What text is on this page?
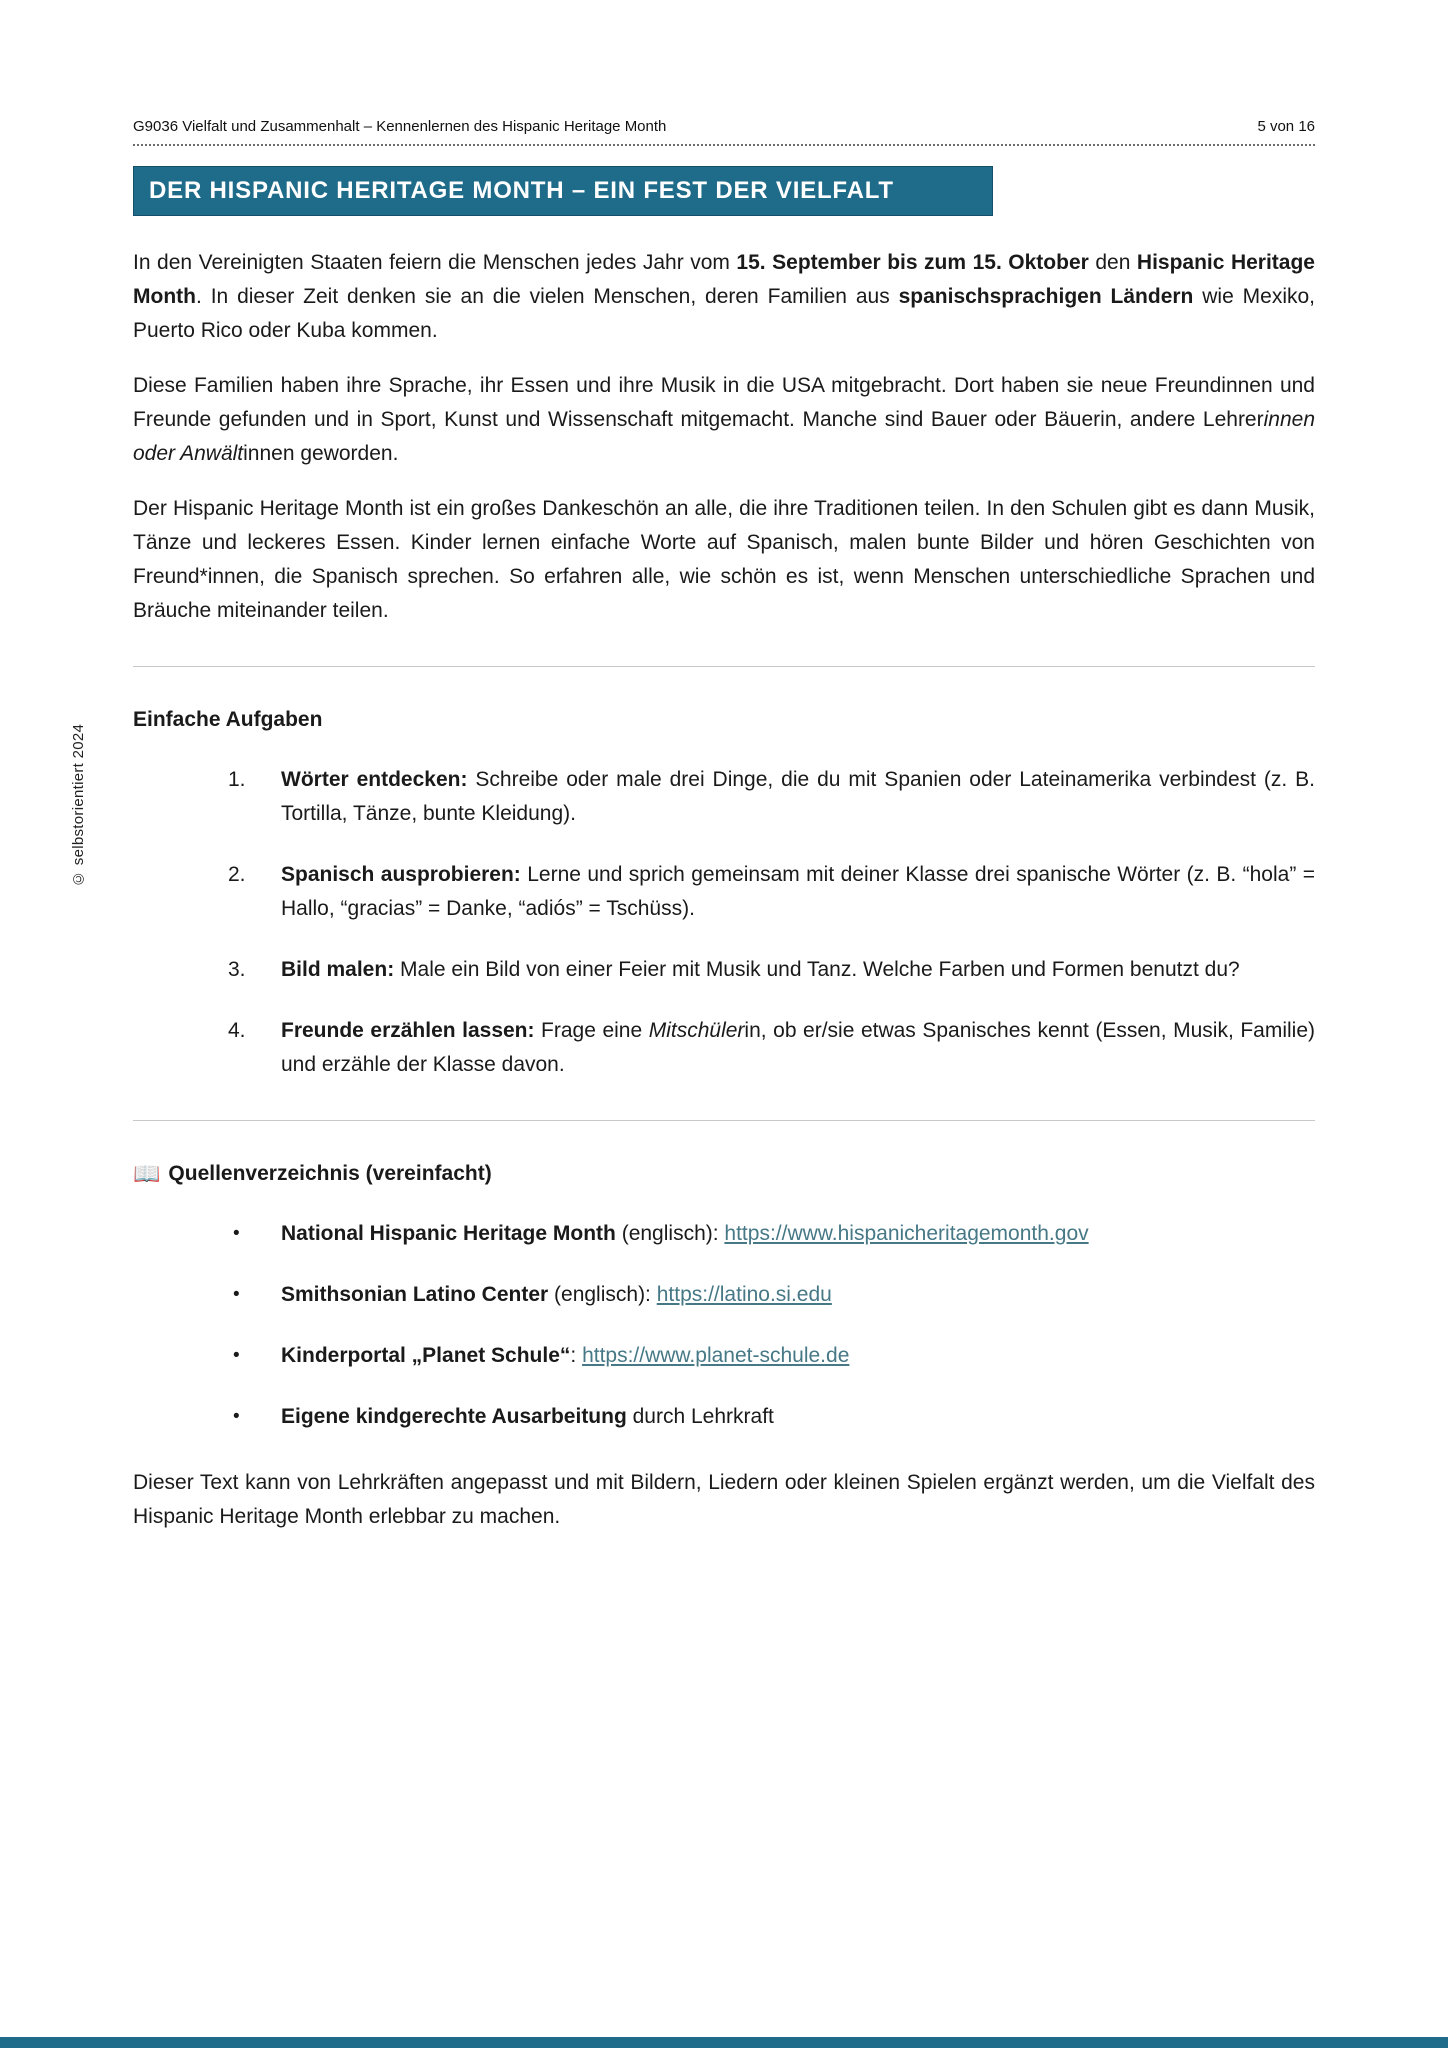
© selbstorientiert 2024
G9036 Vielfalt und Zusammenhalt – Kennenlernen des Hispanic Heritage Month	5 von 16
DER HISPANIC HERITAGE MONTH – EIN FEST DER VIELFALT

In den Vereinigten Staaten feiern die Menschen jedes Jahr vom 15. September bis zum 15. Oktober den Hispanic Heritage Month. In dieser Zeit denken sie an die vielen Menschen, deren Familien aus spanischsprachigen Ländern wie Mexiko, Puerto Rico oder Kuba kommen.

Diese Familien haben ihre Sprache, ihr Essen und ihre Musik in die USA mitgebracht. Dort haben sie neue Freundinnen und Freunde gefunden und in Sport, Kunst und Wissenschaft mitgemacht. Manche sind Bauer oder Bäuerin, andere Lehrerinnen oder Anwältinnen geworden.

Der Hispanic Heritage Month ist ein großes Dankeschön an alle, die ihre Traditionen teilen. In den Schulen gibt es dann Musik, Tänze und leckeres Essen. Kinder lernen einfache Worte auf Spanisch, malen bunte Bilder und hören Geschichten von Freund*innen, die Spanisch sprechen. So erfahren alle, wie schön es ist, wenn Menschen unterschiedliche Sprachen und Bräuche miteinander teilen.

Einfache Aufgaben
1.	Wörter entdecken: Schreibe oder male drei Dinge, die du mit Spanien oder Lateinamerika verbindest (z. B. Tortilla, Tänze, bunte Kleidung).
2.	Spanisch ausprobieren: Lerne und sprich gemeinsam mit deiner Klasse drei spanische Wörter (z. B. “hola” = Hallo, “gracias” = Danke, “adiós” = Tschüss).
3.	Bild malen: Male ein Bild von einer Feier mit Musik und Tanz. Welche Farben und Formen benutzt du?
4.	Freunde erzählen lassen: Frage eine Mitschülerin, ob er/sie etwas Spanisches kennt (Essen, Musik, Familie) und erzähle der Klasse davon.
📖 Quellenverzeichnis (vereinfacht)
•	National Hispanic Heritage Month (englisch): https://www.hispanicheritagemonth.gov
•	Smithsonian Latino Center (englisch): https://latino.si.edu
•	Kinderportal „Planet Schule“: https://www.planet-schule.de
•	Eigene kindgerechte Ausarbeitung durch Lehrkraft

Dieser Text kann von Lehrkräften angepasst und mit Bildern, Liedern oder kleinen Spielen ergänzt werden, um die Vielfalt des Hispanic Heritage Month erlebbar zu machen.
